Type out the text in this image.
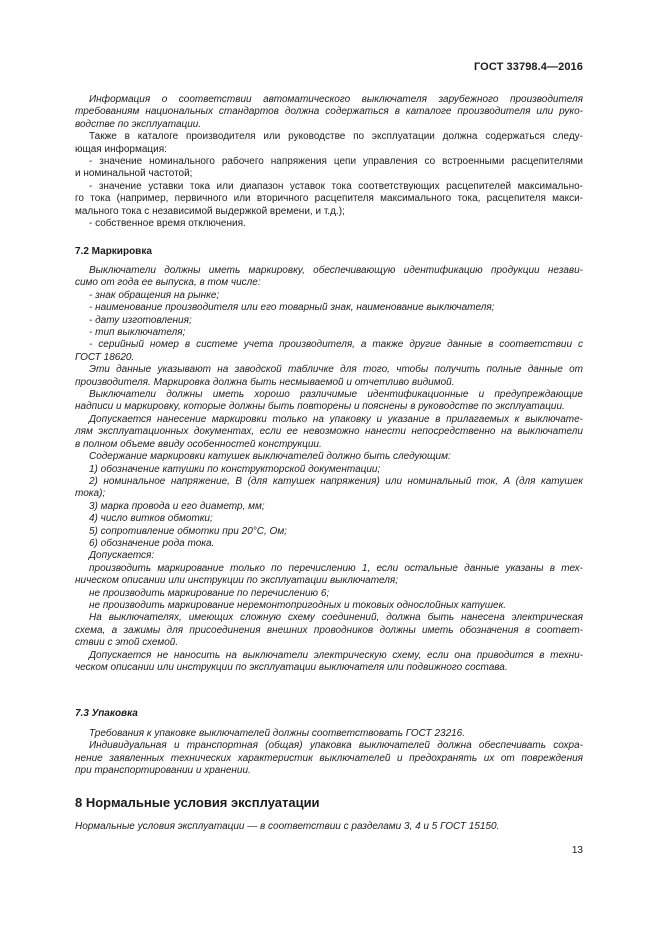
ГОСТ 33798.4—2016
Информация о соответствии автоматического выключателя зарубежного производителя
требованиям национальных стандартов должна содержаться в каталоге производителя или руко-
водстве по эксплуатации.
Также в каталоге производителя или руководстве по эксплуатации должна содержаться следу-
ющая информация:
- значение номинального рабочего напряжения цепи управления со встроенными расцепителями
и номинальной частотой;
- значение уставки тока или диапазон уставок тока соответствующих расцепителей максимально-
го тока (например, первичного или вторичного расцепителя максимального тока, расцепителя макси-
мального тока с независимой выдержкой времени, и т.д.);
- собственное время отключения.
7.2 Маркировка
Выключатели должны иметь маркировку, обеспечивающую идентификацию продукции незави-
симо от года ее выпуска, в том числе:
- знак обращения на рынке;
- наименование производителя или его товарный знак, наименование выключателя;
- дату изготовления;
- тип выключателя;
- серийный номер в системе учета производителя, а также другие данные в соответствии с
ГОСТ 18620.
Эти данные указывают на заводской табличке для того, чтобы получить полные данные от
производителя. Маркировка должна быть несмываемой и отчетливо видимой.
Выключатели должны иметь хорошо различимые идентификационные и предупреждающие
надписи и маркировку, которые должны быть повторены и пояснены в руководстве по эксплуатации.
Допускается нанесение маркировки только на упаковку и указание в прилагаемых к выключате-
лям эксплуатационных документах, если ее невозможно нанести непосредственно на выключатели
в полном объеме ввиду особенностей конструкции.
Содержание маркировки катушек выключателей должно быть следующим:
1) обозначение катушки по конструкторской документации;
2) номинальное напряжение, В (для катушек напряжения) или номинальный ток, А (для катушек
тока);
3) марка провода и его диаметр, мм;
4) число витков обмотки;
5) сопротивление обмотки при 20°С, Ом;
6) обозначение рода тока.
Допускается:
производить маркирование только по перечислению 1, если остальные данные указаны в тех-
ническом описании или инструкции по эксплуатации выключателя;
не производить маркирование по перечислению 6;
не производить маркирование неремонтопригодных и токовых однослойных катушек.
На выключателях, имеющих сложную схему соединений, должна быть нанесена электрическая
схема, а зажимы для присоединения внешних проводников должны иметь обозначения в соответ-
ствии с этой схемой.
Допускается не наносить на выключатели электрическую схему, если она приводится в техни-
ческом описании или инструкции по эксплуатации выключателя или подвижного состава.
7.3 Упаковка
Требования к упаковке выключателей должны соответствовать ГОСТ 23216.
Индивидуальная и транспортная (общая) упаковка выключателей должна обеспечивать сохра-
нение заявленных технических характеристик выключателей и предохранять их от повреждения
при транспортировании и хранении.
8 Нормальные условия эксплуатации
Нормальные условия эксплуатации — в соответствии с разделами 3, 4 и 5 ГОСТ 15150.
13
